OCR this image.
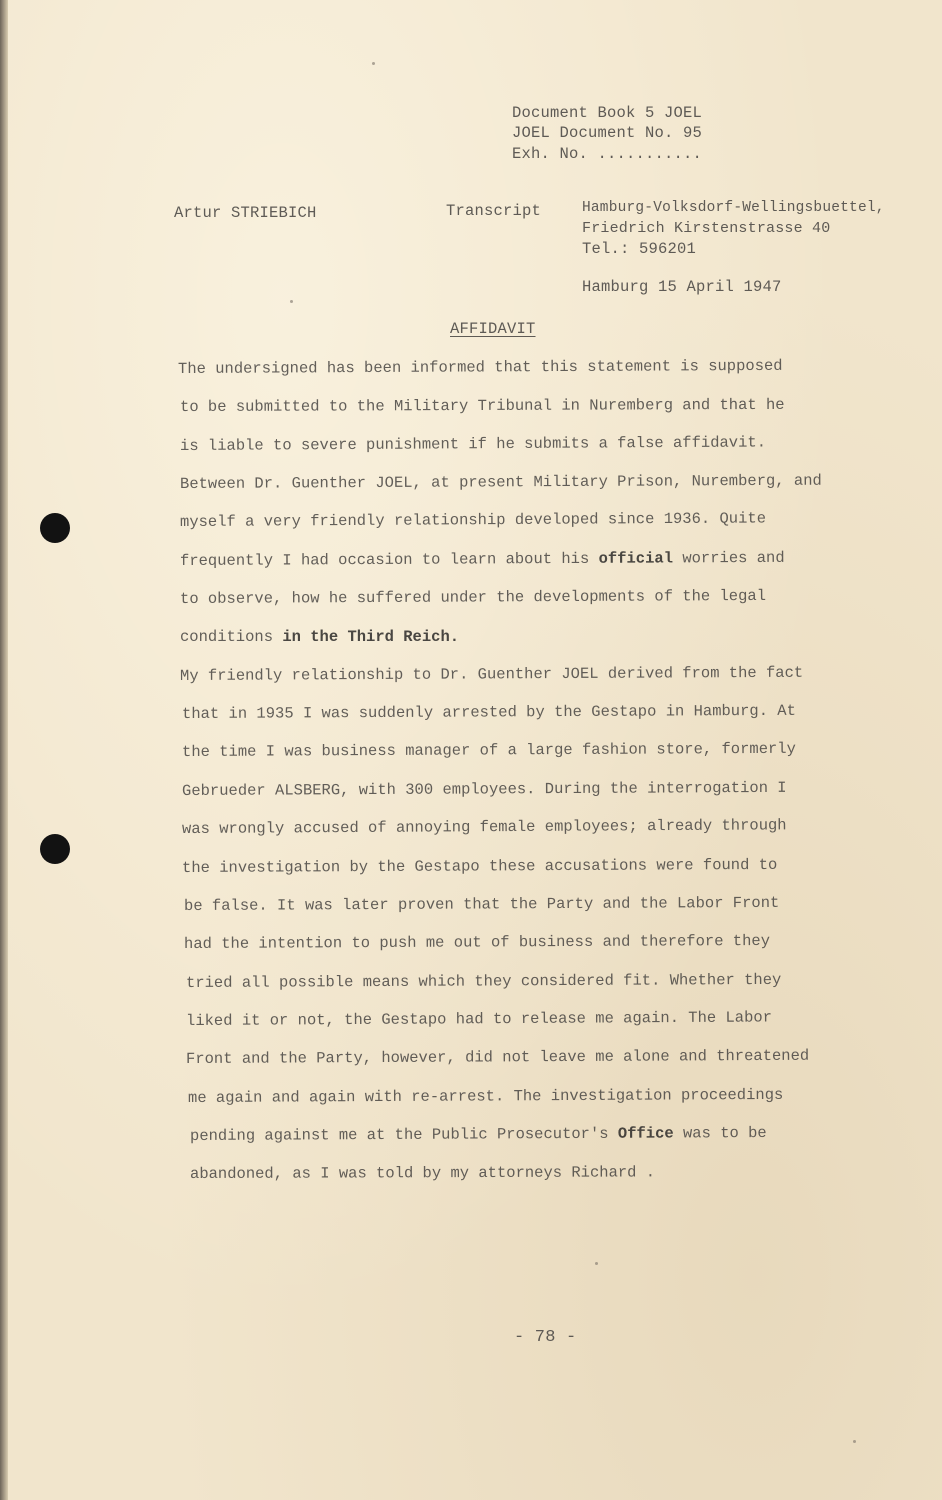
Document Book 5 JOEL
JOEL Document No. 95
Exh. No. ...........
Artur STRIEBICH	Transcript	Hamburg-Volksdorf-Wellingsbuettel,
Friedrich Kirstenstrasse 40
Tel.: 596201
Hamburg 15 April 1947
AFFIDAVIT
The undersigned has been informed that this statement is supposed
to be submitted to the Military Tribunal in Nuremberg and that he
is liable to severe punishment if he submits a false affidavit.
Between Dr. Guenther JOEL, at present Military Prison, Nuremberg, and
myself a very friendly relationship developed since 1936. Quite
frequently I had occasion to learn about his official worries and
to observe, how he suffered under the developments of the legal
conditions in the Third Reich.
My friendly relationship to Dr. Guenther JOEL derived from the fact
that in 1935 I was suddenly arrested by the Gestapo in Hamburg. At
the time I was business manager of a large fashion store, formerly
Gebrueder ALSBERG, with 300 employees. During the interrogation I
was wrongly accused of annoying female employees; already through
the investigation by the Gestapo these accusations were found to
be false. It was later proven that the Party and the Labor Front
had the intention to push me out of business and therefore they
tried all possible means which they considered fit. Whether they
liked it or not, the Gestapo had to release me again. The Labor
Front and the Party, however, did not leave me alone and threatened
me again and again with re-arrest. The investigation proceedings
pending against me at the Public Prosecutor's Office was to be
abandoned, as I was told by my attorneys Richard .
- 78 -
